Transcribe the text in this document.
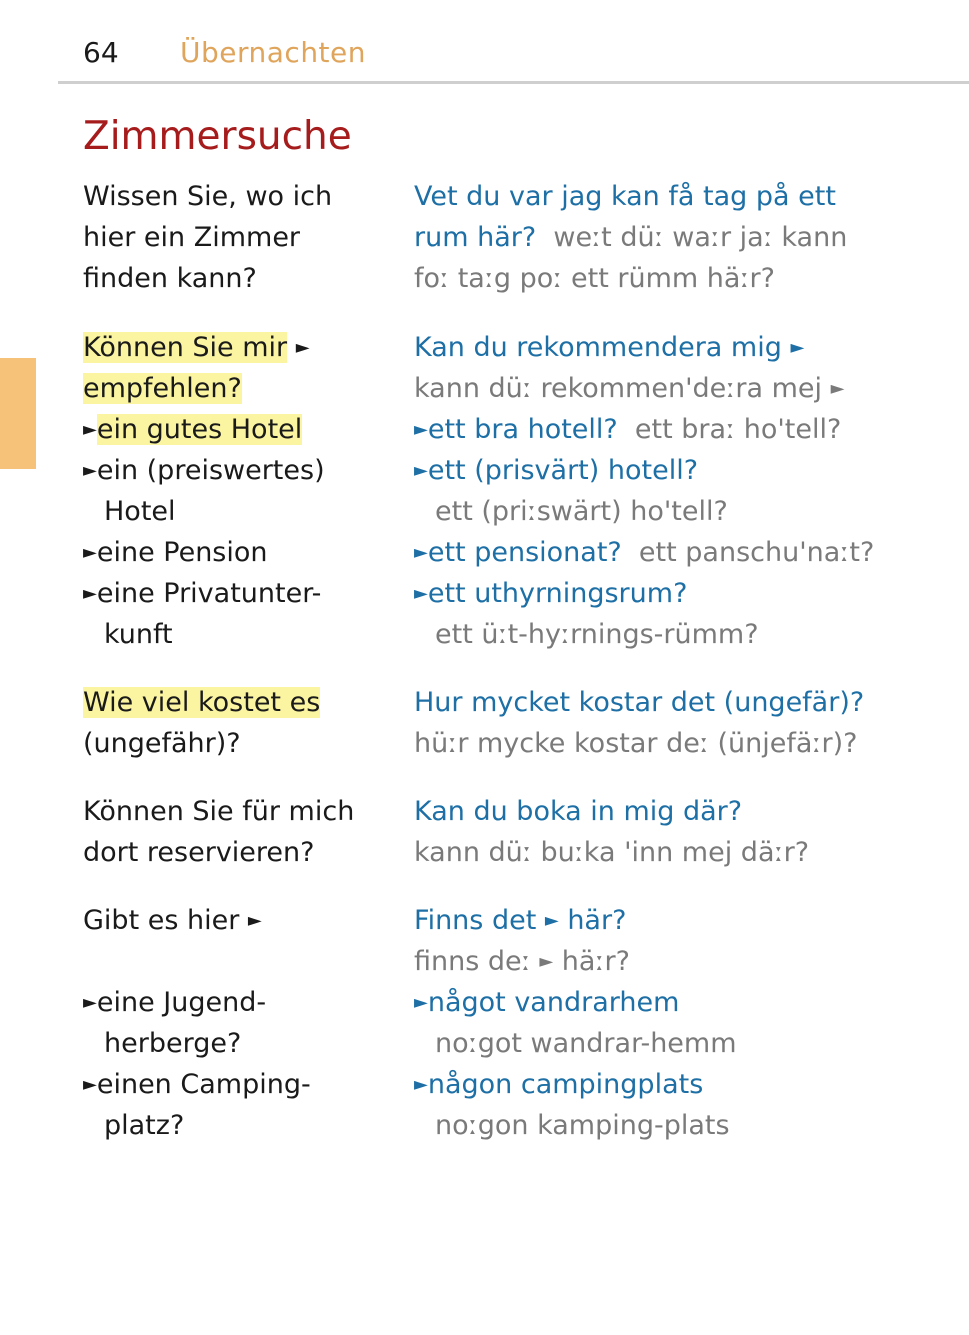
64 Übernachten
Zimmersuche
Wissen Sie, wo ich
hier ein Zimmer
finden kann?
Können Sie mir ►
empfehlen?
►ein gutes Hotel
►ein (preiswertes)
Hotel
►eine Pension
►eine Privatunter-
kunft
Wie viel kostet es
(ungefähr)?
Können Sie für mich
dort reservieren?
Gibt es hier ►
►eine Jugend-
herberge?
►einen Camping-
platz?
Vet du var jag kan få tag på ett
rum här? weːt düː waːr jaː kann
foː taːg poː ett rümm häːr?
Kan du rekommendera mig ►
kann düː rekommen'deːra mej ►
►ett bra hotell? ett braː ho'tell?
►ett (prisvärt) hotell?
ett (priːswärt) ho'tell?
►ett pensionat? ett panschu'naːt?
►ett uthyrningsrum?
ett üːt-hyːrnings-rümm?
Hur mycket kostar det (ungefär)?
hüːr mycke kostar deː (ünjefäːr)?
Kan du boka in mig där?
kann düː buːka 'inn mej däːr?
Finns det ► här?
finns deː ► häːr?
►något vandrarhem
noːgot wandrar-hemm
►någon campingplats
noːgon kamping-plats
